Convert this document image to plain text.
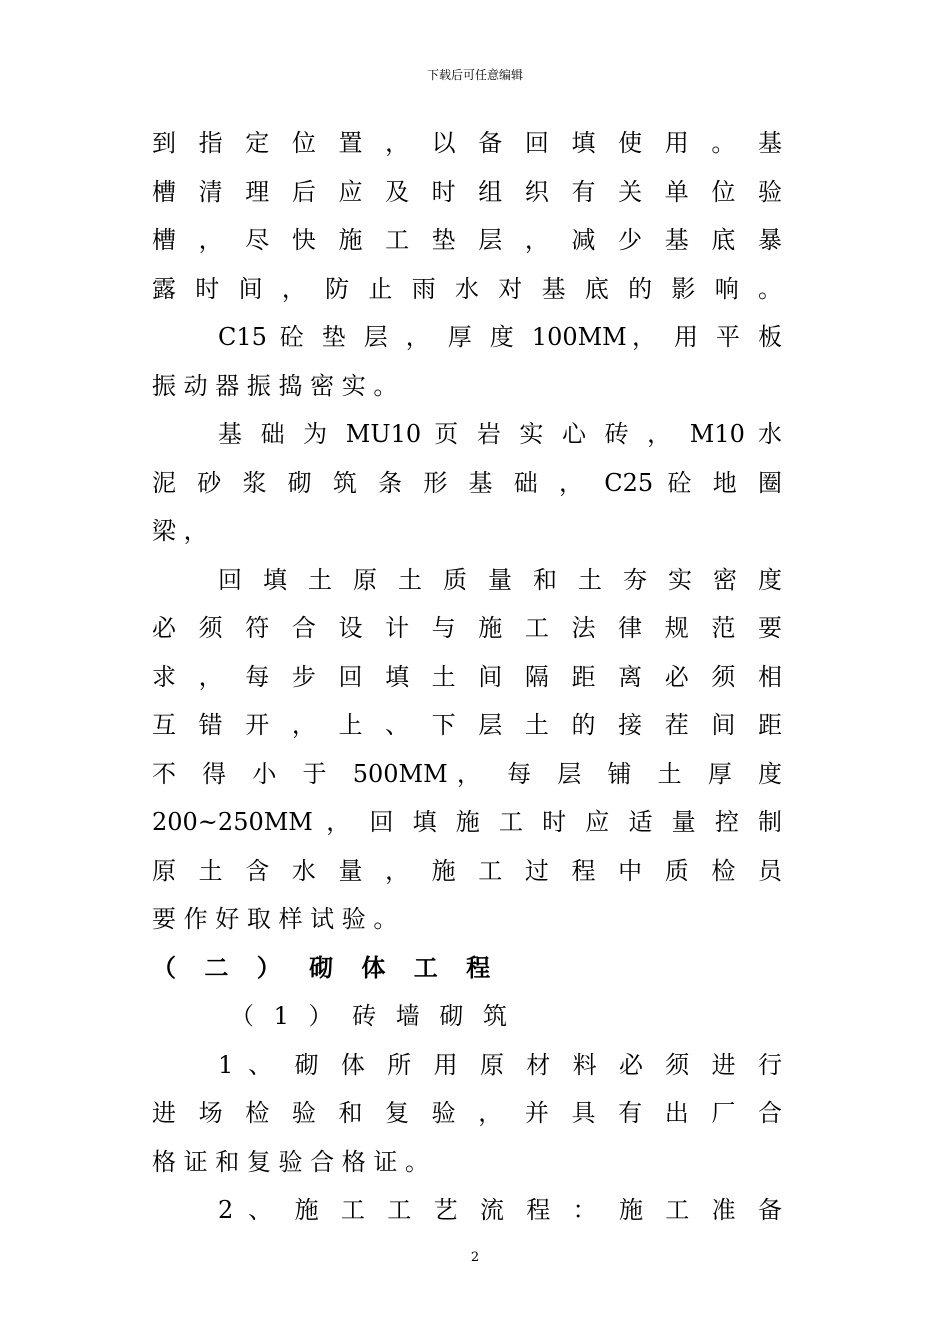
下载后可任意编辑
到 指 定 位 置 ， 以 备 回 填 使 用 。 基
槽 清 理 后 应 及 时 组 织 有 关 单 位 验
槽 ， 尽 快 施 工 垫 层 ， 减 少 基 底 暴
露 时 间 ， 防 止 雨 水 对 基 底 的 影 响 。
C15 砼 垫 层 ， 厚 度 100MM， 用 平 板
振 动 器 振 捣 密 实 。
基 础 为 MU10 页 岩 实 心 砖 ， M10 水
泥 砂 浆 砌 筑 条 形 基 础 ， C25 砼 地 圈
梁 ，
回 填 土 原 土 质 量 和 土 夯 实 密 度
必 须 符 合 设 计 与 施 工 法 律 规 范 要
求 ， 每 步 回 填 土 间 隔 距 离 必 须 相
互 错 开 ， 上 、 下 层 土 的 接 茬 间 距
不 得 小 于 500MM， 每 层 铺 土 厚 度
200~250MM ， 回 填 施 工 时 应 适 量 控 制
原 土 含 水 量 ， 施 工 过 程 中 质 检 员
要 作 好 取 样 试 验 。
（ 二 ） 砌 体 工 程
（ 1 ） 砖 墙 砌 筑
1 、 砌 体 所 用 原 材 料 必 须 进 行
进 场 检 验 和 复 验 ， 并 具 有 出 厂 合
格 证 和 复 验 合 格 证 。
2 、 施 工 工 艺 流 程 ： 施 工 准 备
2
